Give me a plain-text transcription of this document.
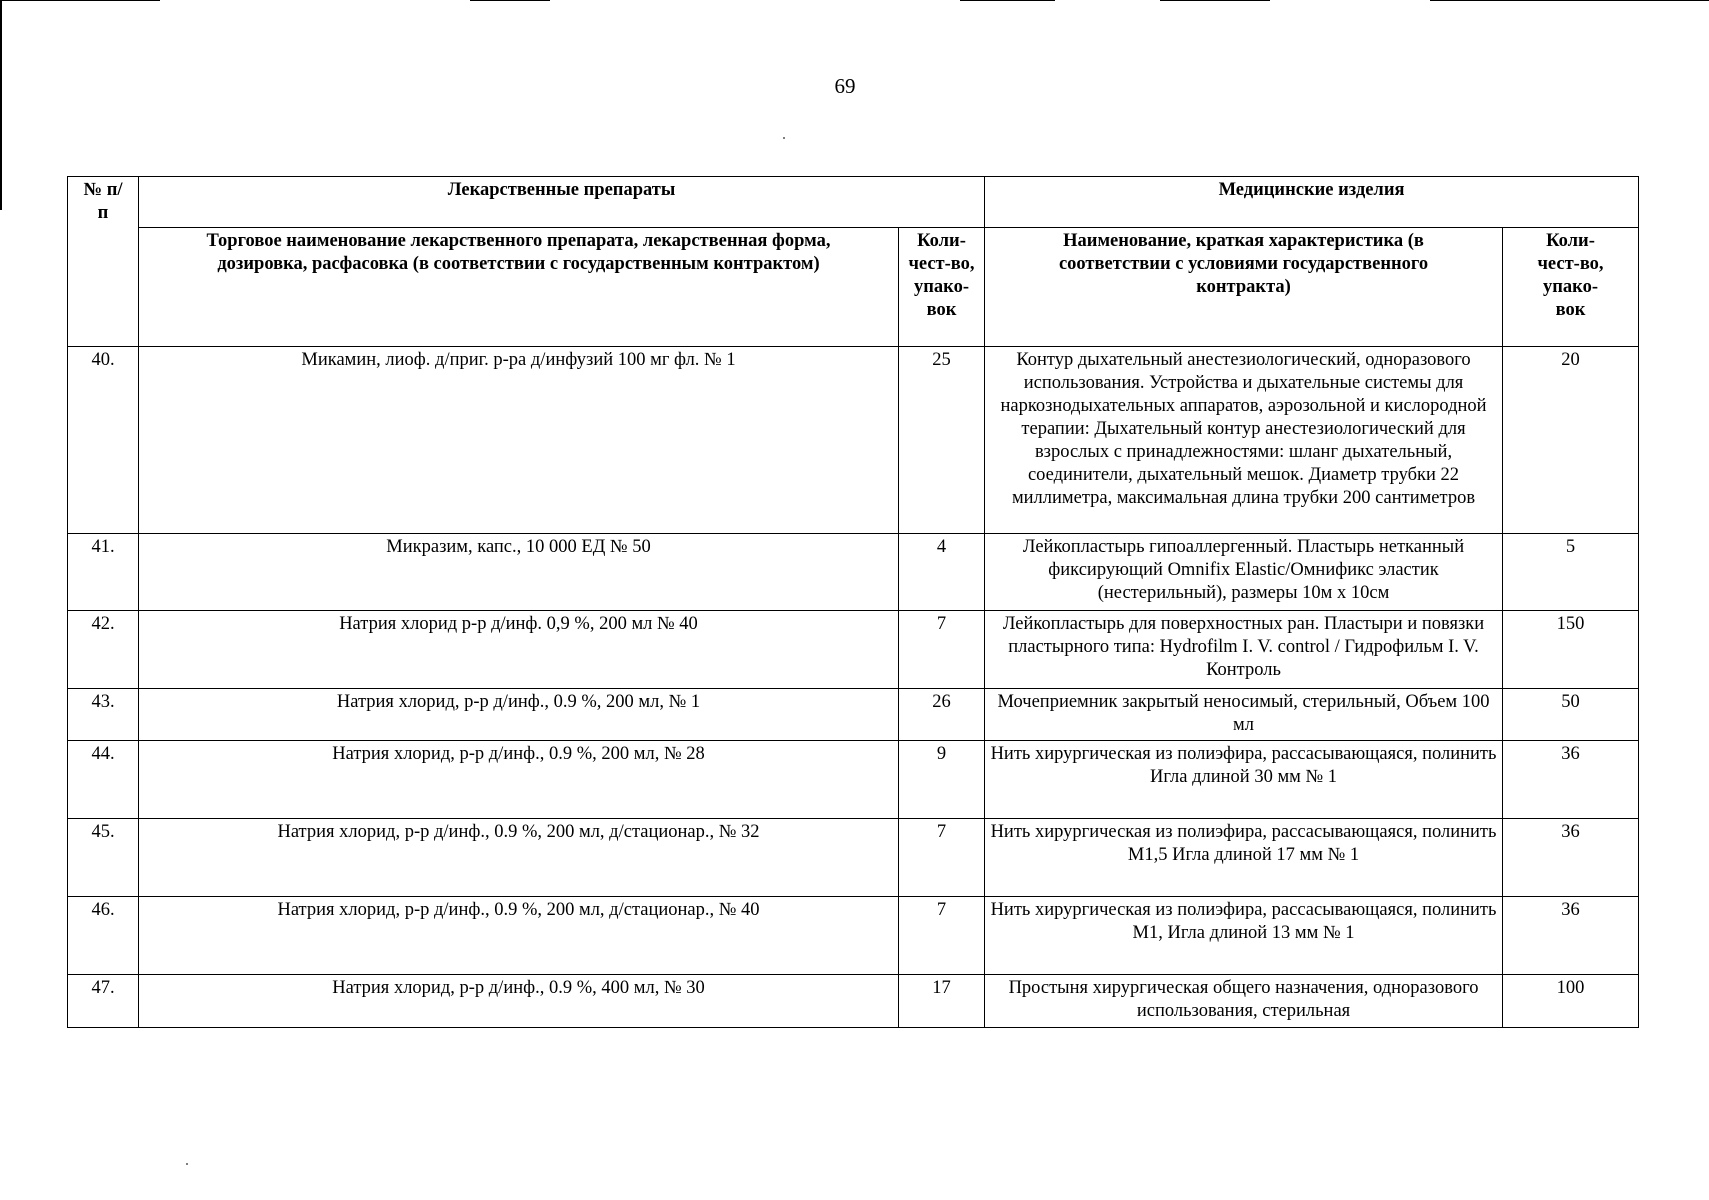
69
№ п/п	Лекарственные препараты		Медицинские изделия	
	Торговое наименование лекарственного препарата, лекарственная форма, дозировка, расфасовка (в соответствии с государственным контрактом)	Коли-чест-во, упако-вок	Наименование, краткая характеристика (в соответствии с условиями государственного контракта)	Коли-чест-во, упако-вок
40.	Микамин, лиоф. д/приг. р-ра д/инфузий 100 мг фл. № 1	25	Контур дыхательный анестезиологический, одноразового использования. Устройства и дыхательные системы для наркознодыхательных аппаратов, аэрозольной и кислородной терапии: Дыхательный контур анестезиологический для взрослых с принадлежностями: шланг дыхательный, соединители, дыхательный мешок. Диаметр трубки 22 миллиметра, максимальная длина трубки 200 сантиметров	20
41.	Микразим, капс., 10 000 ЕД № 50	4	Лейкопластырь гипоаллергенный. Пластырь нетканный фиксирующий Omnifix Elastic/Омнификс эластик (нестерильный), размеры 10м х 10см	5
42.	Натрия хлорид р-р д/инф. 0,9 %, 200 мл № 40	7	Лейкопластырь для поверхностных ран. Пластыри и повязки пластырного типа: Hydrofilm I. V. control / Гидрофильм I. V. Контроль	150
43.	Натрия хлорид, р-р д/инф., 0.9 %, 200 мл, № 1	26	Мочеприемник закрытый неносимый, стерильный, Объем 100 мл	50
44.	Натрия хлорид, р-р д/инф., 0.9 %, 200 мл, № 28	9	Нить хирургическая из полиэфира, рассасывающаяся, полинить Игла длиной 30 мм № 1	36
45.	Натрия хлорид, р-р д/инф., 0.9 %, 200 мл, д/стационар., № 32	7	Нить хирургическая из полиэфира, рассасывающаяся, полинить М1,5 Игла длиной 17 мм № 1	36
46.	Натрия хлорид, р-р д/инф., 0.9 %, 200 мл, д/стационар., № 40	7	Нить хирургическая из полиэфира, рассасывающаяся, полинить М1, Игла длиной 13 мм № 1	36
47.	Натрия хлорид, р-р д/инф., 0.9 %, 400 мл, № 30	17	Простыня хирургическая общего назначения, одноразового использования, стерильная	100
